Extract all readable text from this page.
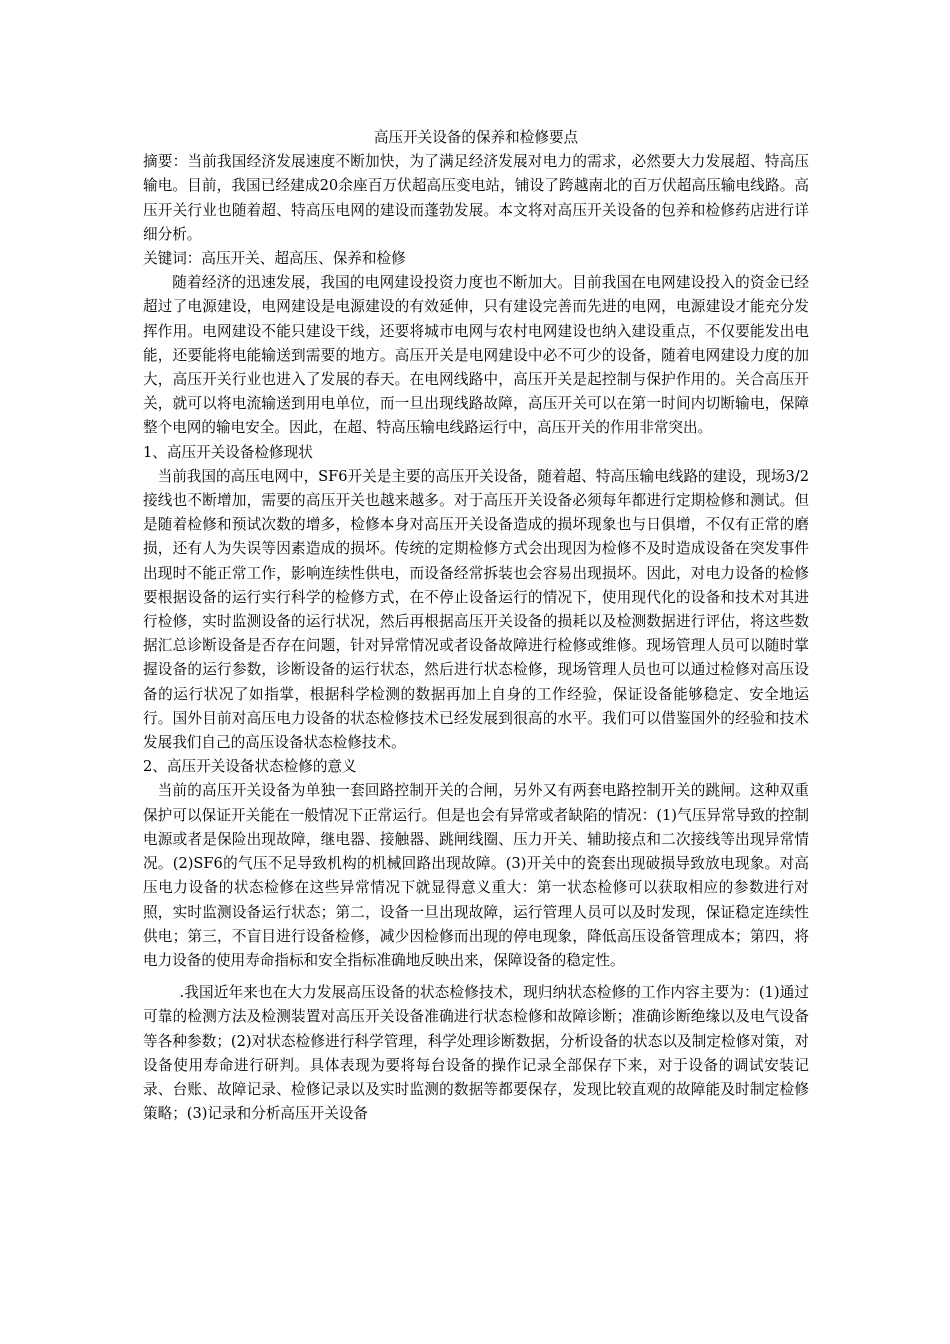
高压开关设备的保养和检修要点

摘要：当前我国经济发展速度不断加快，为了满足经济发展对电力的需求，必然要大力发展超、特高压输电。目前，我国已经建成20余座百万伏超高压变电站，铺设了跨越南北的百万伏超高压输电线路。高压开关行业也随着超、特高压电网的建设而蓬勃发展。本文将对高压开关设备的包养和检修药店进行详细分析。

关键词：高压开关、超高压、保养和检修

随着经济的迅速发展，我国的电网建设投资力度也不断加大。目前我国在电网建设投入的资金已经超过了电源建设，电网建设是电源建设的有效延伸，只有建设完善而先进的电网，电源建设才能充分发挥作用。电网建设不能只建设干线，还要将城市电网与农村电网建设也纳入建设重点，不仅要能发出电能，还要能将电能输送到需要的地方。高压开关是电网建设中必不可少的设备，随着电网建设力度的加大，高压开关行业也进入了发展的春天。在电网线路中，高压开关是起控制与保护作用的。关合高压开关，就可以将电流输送到用电单位，而一旦出现线路故障，高压开关可以在第一时间内切断输电，保障整个电网的输电安全。因此，在超、特高压输电线路运行中，高压开关的作用非常突出。

1、高压开关设备检修现状

当前我国的高压电网中，SF6开关是主要的高压开关设备，随着超、特高压输电线路的建设，现场3/2接线也不断增加，需要的高压开关也越来越多。对于高压开关设备必须每年都进行定期检修和测试。但是随着检修和预试次数的增多，检修本身对高压开关设备造成的损坏现象也与日俱增，不仅有正常的磨损，还有人为失误等因素造成的损坏。传统的定期检修方式会出现因为检修不及时造成设备在突发事件出现时不能正常工作，影响连续性供电，而设备经常拆装也会容易出现损坏。因此，对电力设备的检修要根据设备的运行实行科学的检修方式，在不停止设备运行的情况下，使用现代化的设备和技术对其进行检修，实时监测设备的运行状况，然后再根据高压开关设备的损耗以及检测数据进行评估，将这些数据汇总诊断设备是否存在问题，针对异常情况或者设备故障进行检修或维修。现场管理人员可以随时掌握设备的运行参数，诊断设备的运行状态，然后进行状态检修，现场管理人员也可以通过检修对高压设备的运行状况了如指掌，根据科学检测的数据再加上自身的工作经验，保证设备能够稳定、安全地运行。国外目前对高压电力设备的状态检修技术已经发展到很高的水平。我们可以借鉴国外的经验和技术发展我们自己的高压设备状态检修技术。

2、高压开关设备状态检修的意义

当前的高压开关设备为单独一套回路控制开关的合闸，另外又有两套电路控制开关的跳闸。这种双重保护可以保证开关能在一般情况下正常运行。但是也会有异常或者缺陷的情况：(1)气压异常导致的控制电源或者是保险出现故障，继电器、接触器、跳闸线圈、压力开关、辅助接点和二次接线等出现异常情况。(2)SF6的气压不足导致机构的机械回路出现故障。(3)开关中的瓷套出现破损导致放电现象。对高压电力设备的状态检修在这些异常情况下就显得意义重大：第一状态检修可以获取相应的参数进行对照，实时监测设备运行状态；第二，设备一旦出现故障，运行管理人员可以及时发现，保证稳定连续性供电；第三，不盲目进行设备检修，减少因检修而出现的停电现象，降低高压设备管理成本；第四，将电力设备的使用寿命指标和安全指标准确地反映出来，保障设备的稳定性。

.我国近年来也在大力发展高压设备的状态检修技术，现归纳状态检修的工作内容主要为：(1)通过可靠的检测方法及检测装置对高压开关设备准确进行状态检修和故障诊断；准确诊断绝缘以及电气设备等各种参数；(2)对状态检修进行科学管理，科学处理诊断数据，分析设备的状态以及制定检修对策，对设备使用寿命进行研判。具体表现为要将每台设备的操作记录全部保存下来，对于设备的调试安装记录、台账、故障记录、检修记录以及实时监测的数据等都要保存，发现比较直观的故障能及时制定检修策略；(3)记录和分析高压开关设备
